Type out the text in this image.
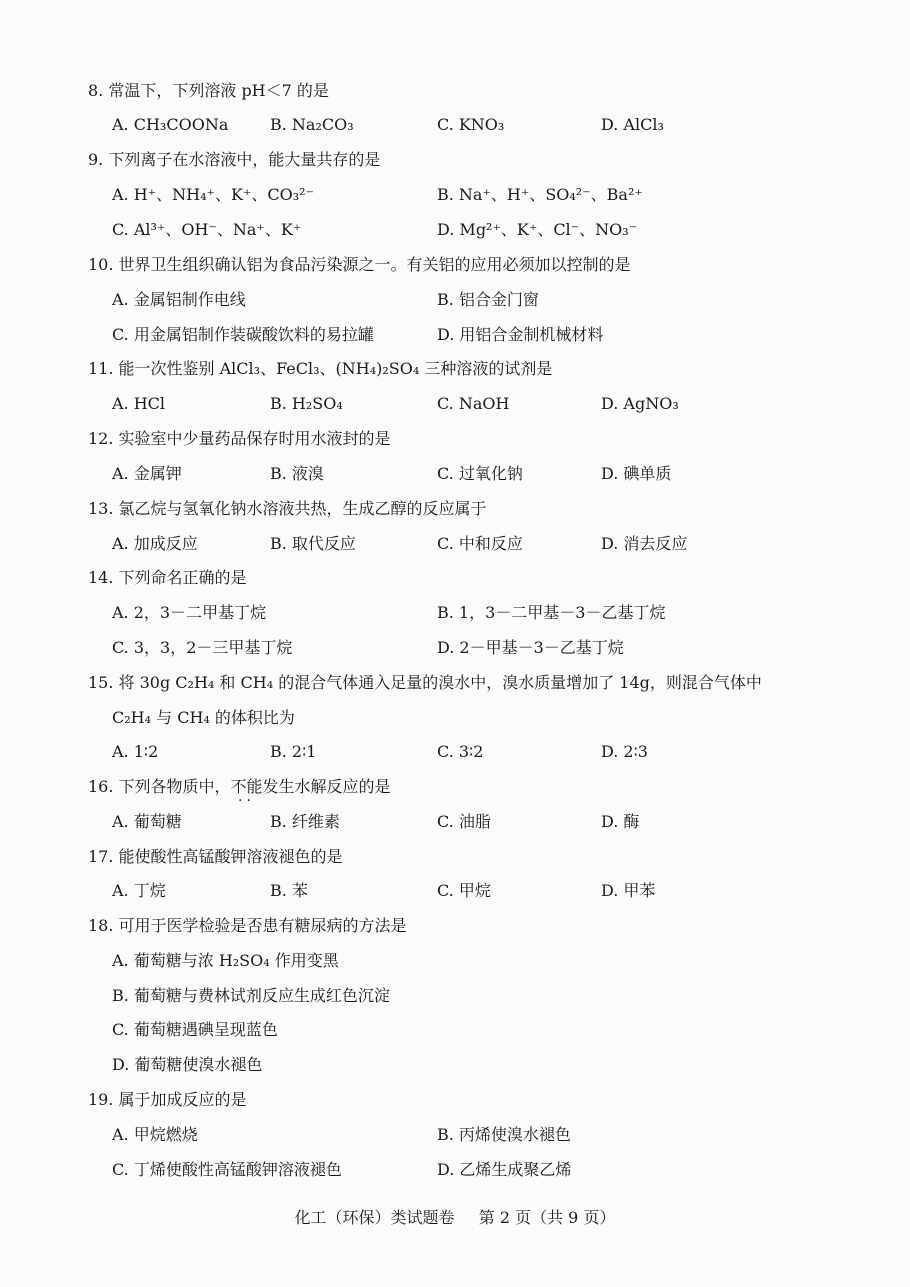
8. 常温下，下列溶液 pH＜7 的是
A. CH₃COONa	B. Na₂CO₃	C. KNO₃	D. AlCl₃
9. 下列离子在水溶液中，能大量共存的是
A. H⁺、NH₄⁺、K⁺、CO₃²⁻	B. Na⁺、H⁺、SO₄²⁻、Ba²⁺
C. Al³⁺、OH⁻、Na⁺、K⁺	D. Mg²⁺、K⁺、Cl⁻、NO₃⁻
10. 世界卫生组织确认铝为食品污染源之一。有关铝的应用必须加以控制的是
A. 金属铝制作电线	B. 铝合金门窗
C. 用金属铝制作装碳酸饮料的易拉罐	D. 用铝合金制机械材料
11. 能一次性鉴别 AlCl₃、FeCl₃、(NH₄)₂SO₄ 三种溶液的试剂是
A. HCl	B. H₂SO₄	C. NaOH	D. AgNO₃
12. 实验室中少量药品保存时用水液封的是
A. 金属钾	B. 液溴	C. 过氧化钠	D. 碘单质
13. 氯乙烷与氢氧化钠水溶液共热，生成乙醇的反应属于
A. 加成反应	B. 取代反应	C. 中和反应	D. 消去反应
14. 下列命名正确的是
A. 2，3－二甲基丁烷	B. 1，3－二甲基－3－乙基丁烷
C. 3，3，2－三甲基丁烷	D. 2－甲基－3－乙基丁烷
15. 将 30g C₂H₄ 和 CH₄ 的混合气体通入足量的溴水中，溴水质量增加了 14g，则混合气体中
C₂H₄ 与 CH₄ 的体积比为
A. 1∶2	B. 2∶1	C. 3∶2	D. 2∶3
16. 下列各物质中，不能发生水解反应的是
··
A. 葡萄糖	B. 纤维素	C. 油脂	D. 酶
17. 能使酸性高锰酸钾溶液褪色的是
A. 丁烷	B. 苯	C. 甲烷	D. 甲苯
18. 可用于医学检验是否患有糖尿病的方法是
A. 葡萄糖与浓 H₂SO₄ 作用变黑
B. 葡萄糖与费林试剂反应生成红色沉淀
C. 葡萄糖遇碘呈现蓝色
D. 葡萄糖使溴水褪色
19. 属于加成反应的是
A. 甲烷燃烧	B. 丙烯使溴水褪色
C. 丁烯使酸性高锰酸钾溶液褪色	D. 乙烯生成聚乙烯
化工（环保）类试题卷 第 2 页（共 9 页）
